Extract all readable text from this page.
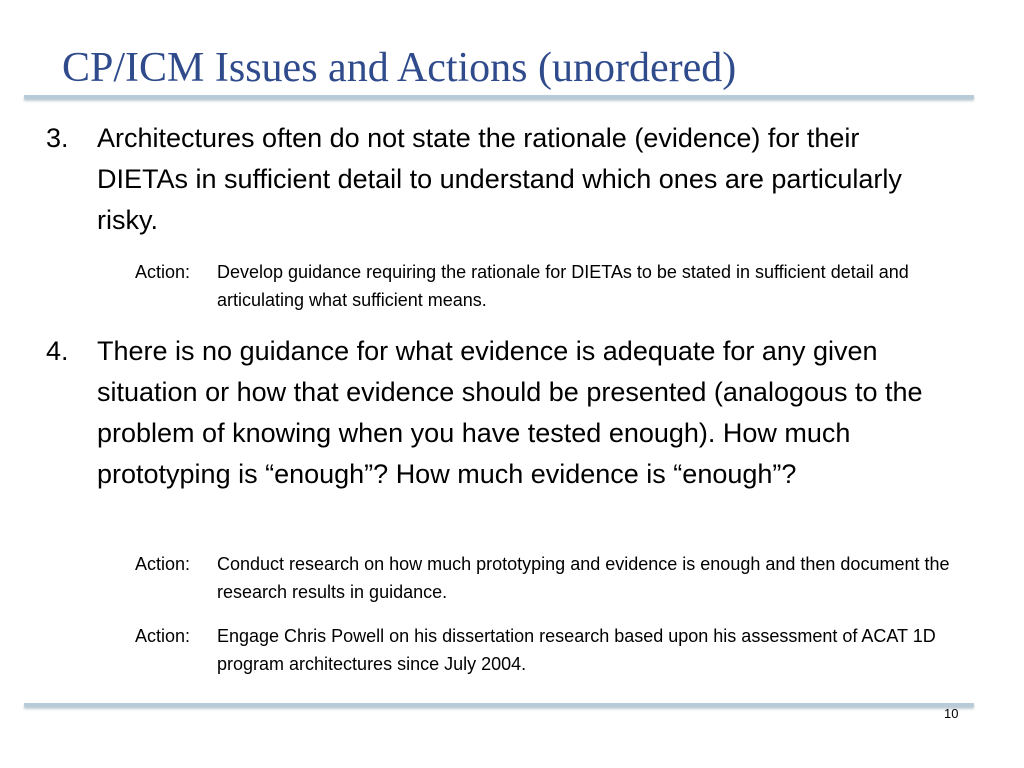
CP/ICM Issues and Actions (unordered)
3. Architectures often do not state the rationale (evidence) for their DIETAs in sufficient detail to understand which ones are particularly risky.

Action: Develop guidance requiring the rationale for DIETAs to be stated in sufficient detail and articulating what sufficient means.

4. There is no guidance for what evidence is adequate for any given situation or how that evidence should be presented (analogous to the problem of knowing when you have tested enough). How much prototyping is “enough”? How much evidence is “enough”?

Action: Conduct research on how much prototyping and evidence is enough and then document the research results in guidance.

Action: Engage Chris Powell on his dissertation research based upon his assessment of ACAT 1D program architectures since July 2004.

10
